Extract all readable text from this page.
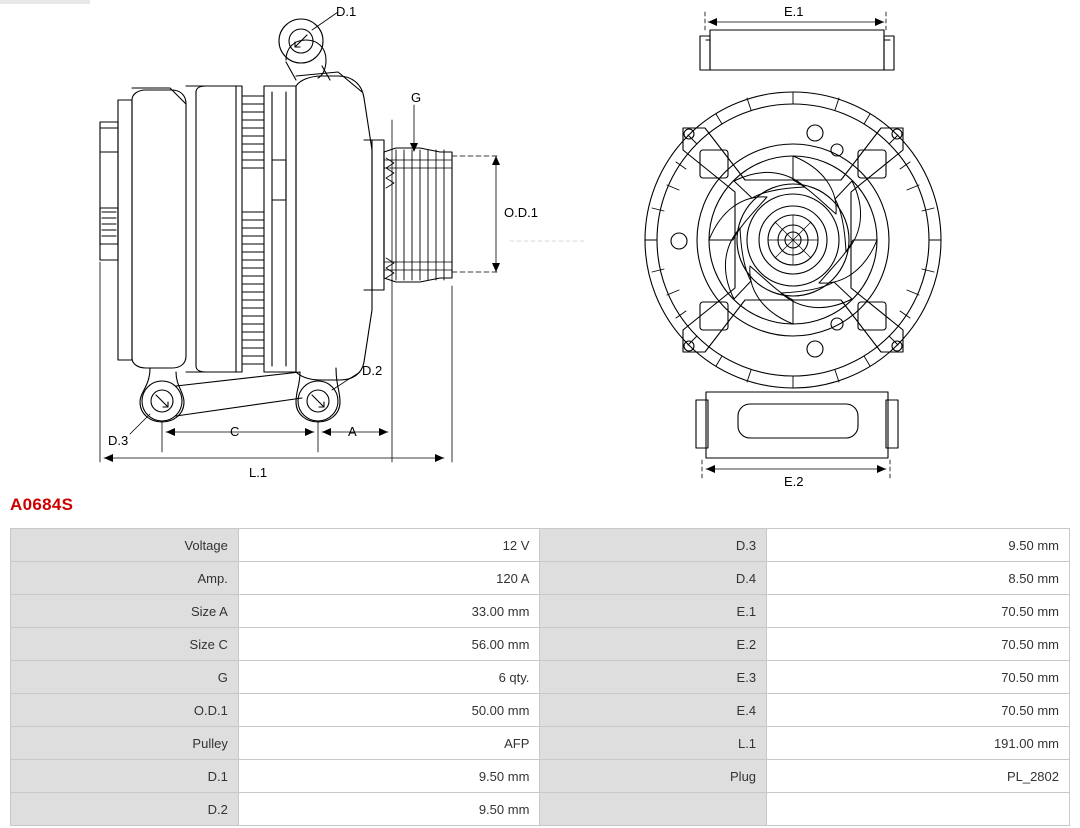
D.1
D.2
D.3
G
O.D.1
A
C
L.1
E.1
E.2
A0684S
Voltage	12 V	D.3	9.50 mm
Amp.	120 A	D.4	8.50 mm
Size A	33.00 mm	E.1	70.50 mm
Size C	56.00 mm	E.2	70.50 mm
G	6 qty.	E.3	70.50 mm
O.D.1	50.00 mm	E.4	70.50 mm
Pulley	AFP	L.1	191.00 mm
D.1	9.50 mm	Plug	PL_2802
D.2	9.50 mm		
